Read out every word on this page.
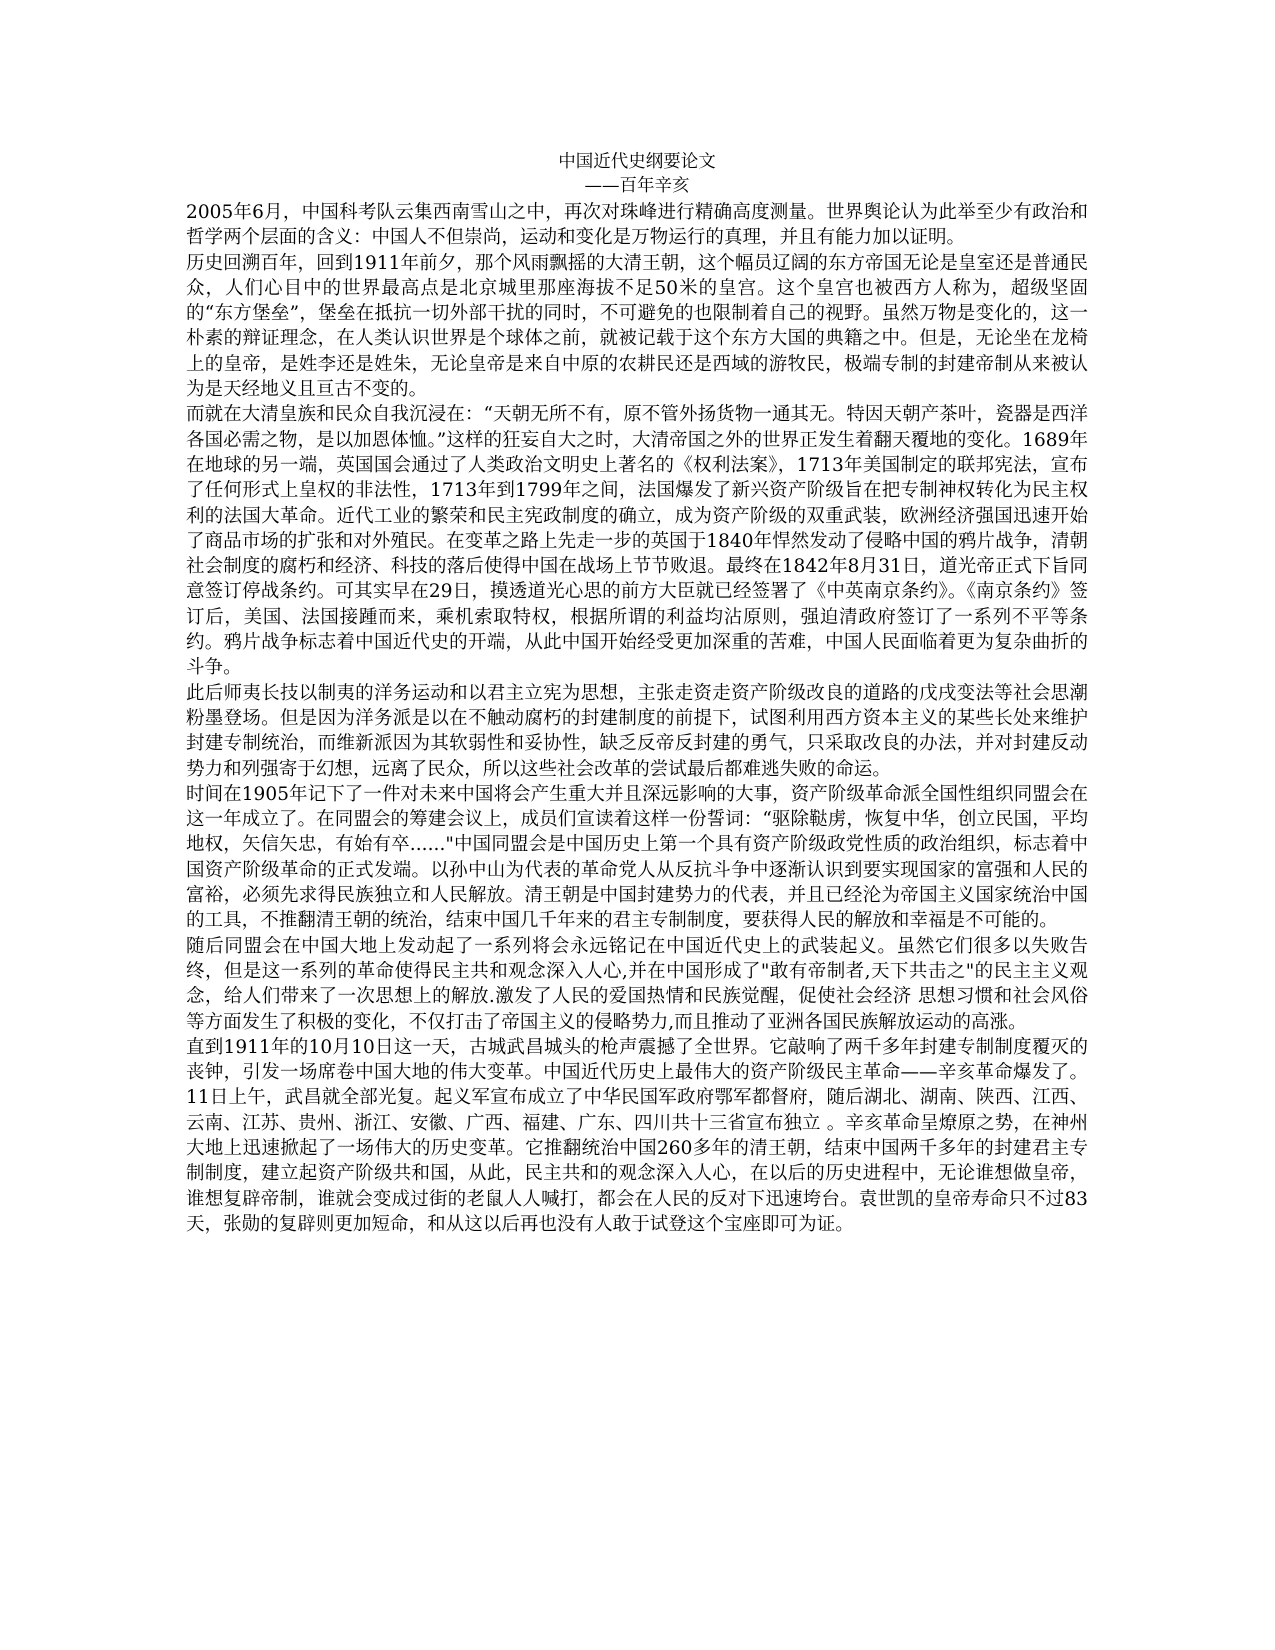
中国近代史纲要论文
——百年辛亥

2005年6月，中国科考队云集西南雪山之中，再次对珠峰进行精确高度测量。世界舆论认为此举至少有政治和哲学两个层面的含义：中国人不但崇尚，运动和变化是万物运行的真理，并且有能力加以证明。

历史回溯百年，回到1911年前夕，那个风雨飘摇的大清王朝，这个幅员辽阔的东方帝国无论是皇室还是普通民众，人们心目中的世界最高点是北京城里那座海拔不足50米的皇宫。这个皇宫也被西方人称为，超级坚固的“东方堡垒”，堡垒在抵抗一切外部干扰的同时，不可避免的也限制着自己的视野。虽然万物是变化的，这一朴素的辩证理念，在人类认识世界是个球体之前，就被记载于这个东方大国的典籍之中。但是，无论坐在龙椅上的皇帝，是姓李还是姓朱，无论皇帝是来自中原的农耕民还是西域的游牧民，极端专制的封建帝制从来被认为是天经地义且亘古不变的。

而就在大清皇族和民众自我沉浸在：“天朝无所不有，原不管外扬货物一通其无。特因天朝产茶叶，瓷器是西洋各国必需之物，是以加恩体恤。”这样的狂妄自大之时，大清帝国之外的世界正发生着翻天覆地的变化。1689年在地球的另一端，英国国会通过了人类政治文明史上著名的《权利法案》，1713年美国制定的联邦宪法，宣布了任何形式上皇权的非法性，1713年到1799年之间，法国爆发了新兴资产阶级旨在把专制神权转化为民主权利的法国大革命。近代工业的繁荣和民主宪政制度的确立，成为资产阶级的双重武装，欧洲经济强国迅速开始了商品市场的扩张和对外殖民。在变革之路上先走一步的英国于1840年悍然发动了侵略中国的鸦片战争，清朝社会制度的腐朽和经济、科技的落后使得中国在战场上节节败退。最终在1842年8月31日，道光帝正式下旨同意签订停战条约。可其实早在29日，摸透道光心思的前方大臣就已经签署了《中英南京条约》。《南京条约》签订后，美国、法国接踵而来，乘机索取特权，根据所谓的利益均沾原则，强迫清政府签订了一系列不平等条约。鸦片战争标志着中国近代史的开端，从此中国开始经受更加深重的苦难，中国人民面临着更为复杂曲折的斗争。

此后师夷长技以制夷的洋务运动和以君主立宪为思想，主张走资走资产阶级改良的道路的戊戌变法等社会思潮粉墨登场。但是因为洋务派是以在不触动腐朽的封建制度的前提下，试图利用西方资本主义的某些长处来维护封建专制统治，而维新派因为其软弱性和妥协性，缺乏反帝反封建的勇气，只采取改良的办法，并对封建反动势力和列强寄于幻想，远离了民众，所以这些社会改革的尝试最后都难逃失败的命运。

时间在1905年记下了一件对未来中国将会产生重大并且深远影响的大事，资产阶级革命派全国性组织同盟会在这一年成立了。在同盟会的筹建会议上，成员们宣读着这样一份誓词：“驱除鞑虏，恢复中华，创立民国，平均地权，矢信矢忠，有始有卒......"中国同盟会是中国历史上第一个具有资产阶级政党性质的政治组织，标志着中国资产阶级革命的正式发端。以孙中山为代表的革命党人从反抗斗争中逐渐认识到要实现国家的富强和人民的富裕，必须先求得民族独立和人民解放。清王朝是中国封建势力的代表，并且已经沦为帝国主义国家统治中国的工具，不推翻清王朝的统治，结束中国几千年来的君主专制制度，要获得人民的解放和幸福是不可能的。

随后同盟会在中国大地上发动起了一系列将会永远铭记在中国近代史上的武装起义。虽然它们很多以失败告终，但是这一系列的革命使得民主共和观念深入人心,并在中国形成了"敢有帝制者,天下共击之"的民主主义观念，给人们带来了一次思想上的解放.激发了人民的爱国热情和民族觉醒，促使社会经济 思想习惯和社会风俗等方面发生了积极的变化，不仅打击了帝国主义的侵略势力,而且推动了亚洲各国民族解放运动的高涨。

直到1911年的10月10日这一天，古城武昌城头的枪声震撼了全世界。它敲响了两千多年封建专制制度覆灭的丧钟，引发一场席卷中国大地的伟大变革。中国近代历史上最伟大的资产阶级民主革命——辛亥革命爆发了。11日上午，武昌就全部光复。起义军宣布成立了中华民国军政府鄂军都督府，随后湖北、湖南、陕西、江西、云南、江苏、贵州、浙江、安徽、广西、福建、广东、四川共十三省宣布独立 。辛亥革命呈燎原之势，在神州大地上迅速掀起了一场伟大的历史变革。它推翻统治中国260多年的清王朝，结束中国两千多年的封建君主专制制度，建立起资产阶级共和国，从此，民主共和的观念深入人心，在以后的历史进程中，无论谁想做皇帝，谁想复辟帝制，谁就会变成过街的老鼠人人喊打，都会在人民的反对下迅速垮台。袁世凯的皇帝寿命只不过83天，张勋的复辟则更加短命，和从这以后再也没有人敢于试登这个宝座即可为证。
